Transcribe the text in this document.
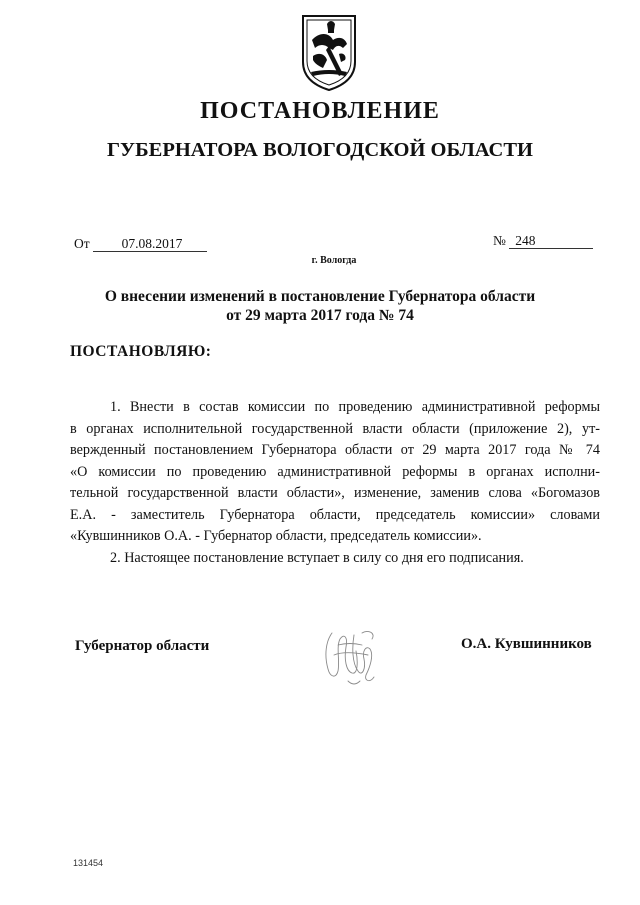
ПОСТАНОВЛЕНИЕ
ГУБЕРНАТОРА ВОЛОГОДСКОЙ ОБЛАСТИ
От 07.08.2017	№ 248
г. Вологда
О внесении изменений в постановление Губернатора области
от 29 марта 2017 года № 74
ПОСТАНОВЛЯЮ:
1. Внести в состав комиссии по проведению административной реформы
в органах исполнительной государственной власти области (приложение 2), ут-
вержденный постановлением Губернатора области от 29 марта 2017 года № 74
«О комиссии по проведению административной реформы в органах исполни-
тельной государственной власти области», изменение, заменив слова «Богомазов
Е.А. - заместитель Губернатора области, председатель комиссии» словами
«Кувшинников О.А. - Губернатор области, председатель комиссии».
2. Настоящее постановление вступает в силу со дня его подписания.
Губернатор области	О.А. Кувшинников
131454
